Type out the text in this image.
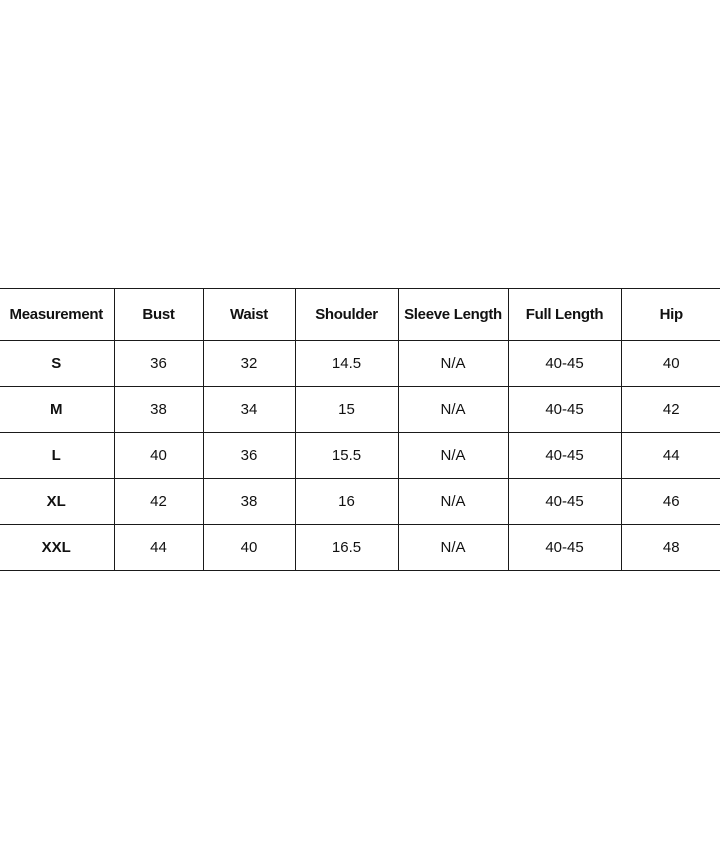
Measurement	Bust	Waist	Shoulder	Sleeve Length	Full Length	Hip
S	36	32	14.5	N/A	40-45	40
M	38	34	15	N/A	40-45	42
L	40	36	15.5	N/A	40-45	44
XL	42	38	16	N/A	40-45	46
XXL	44	40	16.5	N/A	40-45	48
